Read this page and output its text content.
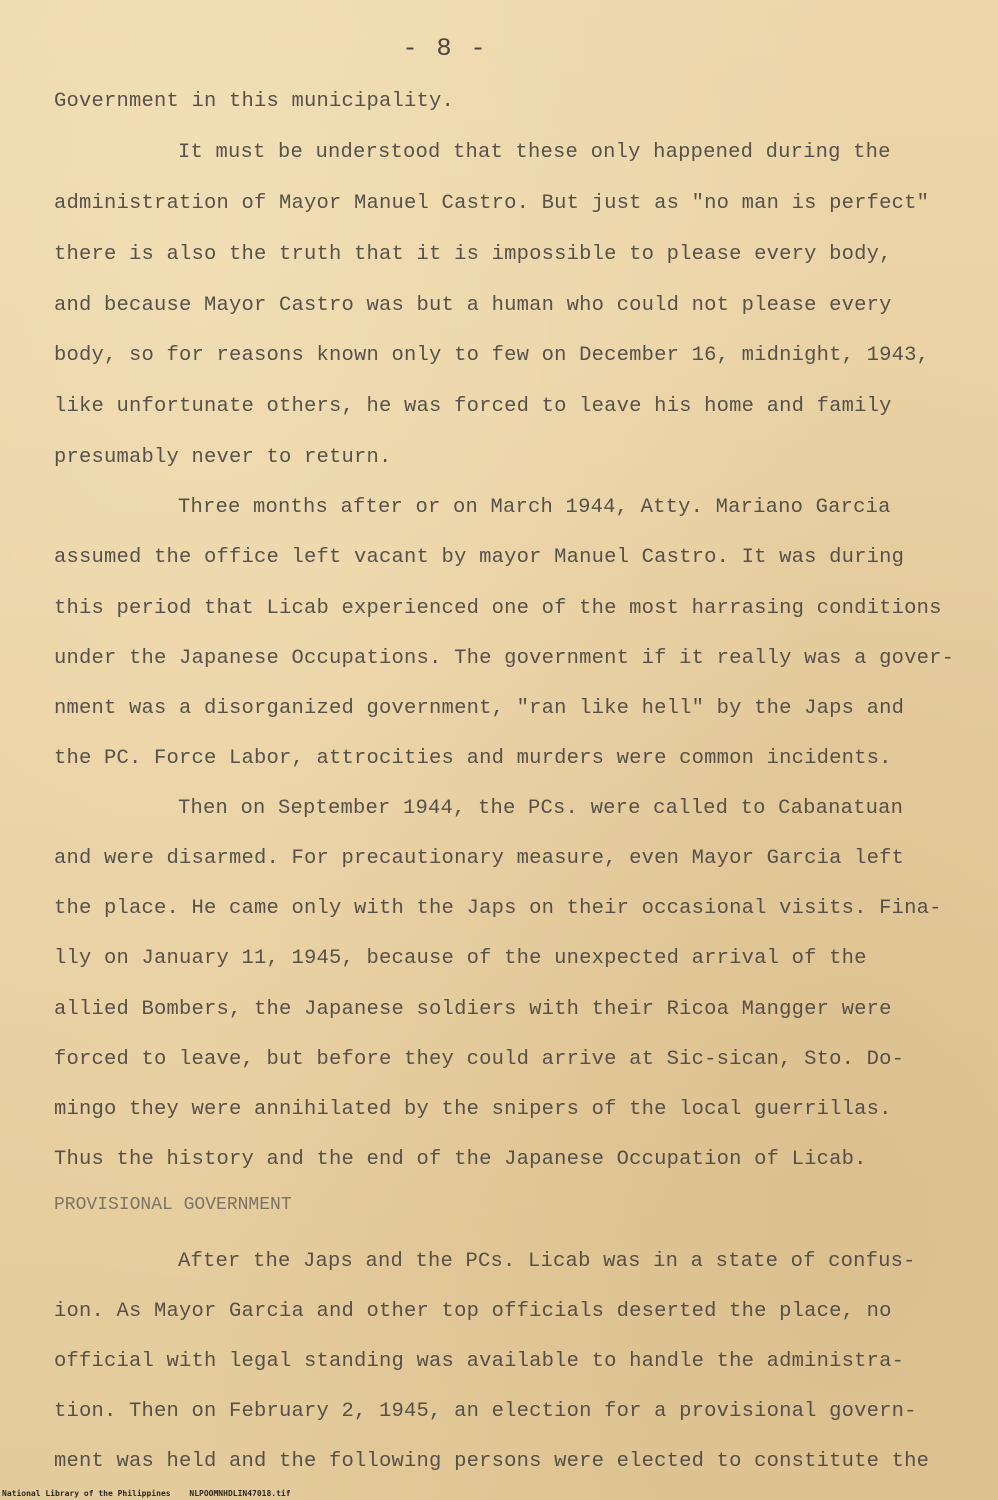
- 8 -
Government in this municipality.
It must be understood that these only happened during the
administration of Mayor Manuel Castro. But just as "no man is perfect"
there is also the truth that it is impossible to please every body,
and because Mayor Castro was but a human who could not please every
body, so for reasons known only to few on December 16, midnight, 1943,
like unfortunate others, he was forced to leave his home and family
presumably never to return.
Three months after or on March 1944, Atty. Mariano Garcia
assumed the office left vacant by mayor Manuel Castro. It was during
this period that Licab experienced one of the most harrasing conditions
under the Japanese Occupations. The government if it really was a gover-
nment was a disorganized government, "ran like hell" by the Japs and
the PC. Force Labor, attrocities and murders were common incidents.
Then on September 1944, the PCs. were called to Cabanatuan
and were disarmed. For precautionary measure, even Mayor Garcia left
the place. He came only with the Japs on their occasional visits. Fina-
lly on January 11, 1945, because of the unexpected arrival of the
allied Bombers, the Japanese soldiers with their Ricoa Mangger were
forced to leave, but before they could arrive at Sic-sican, Sto. Do-
mingo they were annihilated by the snipers of the local guerrillas.
Thus the history and the end of the Japanese Occupation of Licab.
PROVISIONAL GOVERNMENT
After the Japs and the PCs. Licab was in a state of confus-
ion. As Mayor Garcia and other top officials deserted the place, no
official with legal standing was available to handle the administra-
tion. Then on February 2, 1945, an election for a provisional govern-
ment was held and the following persons were elected to constitute the
National Library of the Philippines NLPOOMNHDLIN47018.tif
